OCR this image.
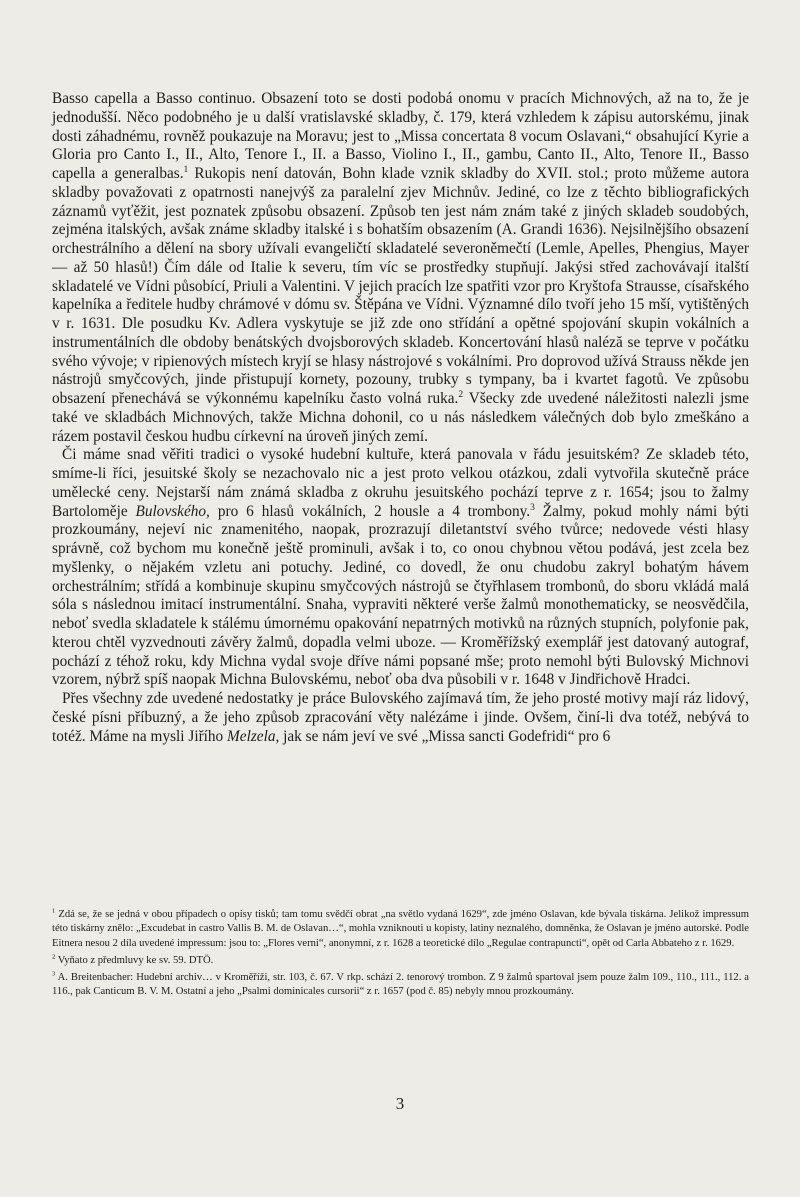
Basso capella a Basso continuo. Obsazení toto se dosti podobá onomu v pracích Michnových, až na to, že je jednodušší. Něco podobného je u další vratislavské skladby, č. 179, která vzhledem k zápisu autorskému, jinak dosti záhadnému, rovněž poukazuje na Moravu; jest to „Missa concertata 8 vocum Oslavani,“ obsahující Kyrie a Gloria pro Canto I., II., Alto, Tenore I., II. a Basso, Violino I., II., gambu, Canto II., Alto, Tenore II., Basso capella a generalbas.$^1$ Rukopis není datován, Bohn klade vznik skladby do XVII. stol.; proto můžeme autora skladby považovati z opatrnosti nanejvýš za paralelní zjev Michnův. Jediné, co lze z těchto bibliografických záznamů vyťěžit, jest poznatek způsobu obsazení. Způsob ten jest nám znám také z jiných skladeb soudobých, zejména italských, avšak známe skladby italské i s bohatším obsazením (A. Grandi 1636). Nejsilnějšího obsazení orchestrálního a dělení na sbory užívali evangeličtí skladatelé severoněmečtí (Lemle, Apelles, Phengius, Mayer — až 50 hlasů!) Čím dále od Italie k severu, tím víc se prostředky stupňují. Jakýsi střed zachovávají italští skladatelé ve Vídni působící, Priuli a Valentini. V jejich pracích lze spatřiti vzor pro Kryštofa Strausse, císařského kapelníka a ředitele hudby chrámové v dómu sv. Štěpána ve Vídni. Významné dílo tvoří jeho 15 mší, vytištěných v r. 1631. Dle posudku Kv. Adlera vyskytuje se již zde ono střídání a opětné spojování skupin vokálních a instrumentálních dle obdoby benátských dvojsborových skladeb. Koncertování hlasů naléză se teprve v počátku svého vývoje; v ripienových místech kryjí se hlasy nástrojové s vokálními. Pro doprovod užívá Strauss někde jen nástrojů smyčcových, jinde přistupují kornety, pozouny, trubky s tympany, ba i kvartet fagotů. Ve způsobu obsazení přenechává se výkonnému kapelníku často volná ruka.$^2$ Všecky zde uvedené náležitosti nalezli jsme také ve skladbách Michnových, takže Michna dohonil, co u nás následkem válečných dob bylo zmeškáno a rázem postavil českou hudbu církevní na úroveň jiných zemí.

Či máme snad věřiti tradici o vysoké hudební kultuře, která panovala v řádu jesuitském? Ze skladeb této, smíme-li říci, jesuitské školy se nezachovalo nic a jest proto velkou otázkou, zdali vytvořila skutečně práce umělecké ceny. Nejstarší nám známá skladba z okruhu jesuitského pochází teprve z r. 1654; jsou to žalmy Bartoloměje Bulovského, pro 6 hlasů vokálních, 2 housle a 4 trombony.$^3$ Žalmy, pokud mohly námi býti prozkoumány, nejeví nic znamenitého, naopak, prozrazují diletantství svého tvůrce; nedovede vésti hlasy správně, což bychom mu konečně ještě prominuli, avšak i to, co onou chybnou větou podává, jest zcela bez myšlenky, o nějakém vzletu ani potuchy. Jediné, co dovedl, že onu chudobu zakryl bohatým hávem orchestrálním; střídá a kombinuje skupinu smyčcových nástrojů se čtyřhlasem trombonů, do sboru vkládá malá sóla s následnou imitací instrumentální. Snaha, vypraviti některé verše žalmů monothematicky, se neosvědčila, neboť svedla skladatele k stálému úmornému opakování nepatrných motivků na různých stupních, polyfonie pak, kterou chtěl vyzvednouti závěry žalmů, dopadla velmi uboze. — Kroměřížský exemplář jest datovaný autograf, pochází z téhož roku, kdy Michna vydal svoje dříve námi popsané mše; proto nemohl býti Bulovský Michnovi vzorem, nýbrž spíš naopak Michna Bulovskému, neboť oba dva působili v r. 1648 v Jindřichově Hradci.

Přes všechny zde uvedené nedostatky je práce Bulovského zajímavá tím, že jeho prosté motivy mají ráz lidový, české písni příbuzný, a že jeho způsob zpracování věty nalézáme i jinde. Ovšem, činí-li dva totéž, nebývá to totéž. Máme na mysli Jiřího Melzela, jak se nám jeví ve své „Missa sancti Godefridi“ pro 6

$^1$ Zdá se, že se jedná v obou případech o opisy tisků; tam tomu svědčí obrat „na světlo vydaná 1629“, zde jméno Oslavan, kde bývala tiskárna. Jelikož impressum této tiskárny znělo: „Excudebat in castro Vallis B. M. de Oslavan…“, mohla vzniknouti u kopisty, latiny neznalého, domněnka, že Oslavan je jméno autorské. Podle Eitnera nesou 2 díla uvedené impressum: jsou to: „Flores verni“, anonymní, z r. 1628 a teoretické dílo „Regulae contrapuncti“, opět od Carla Abbateho z r. 1629.

$^2$ Vyňato z předmluvy ke sv. 59. DTÖ.

$^3$ A. Breitenbacher: Hudební archiv… v Kroměříži, str. 103, č. 67. V rkp. schází 2. tenorový trombon. Z 9 žalmů spartoval jsem pouze žalm 109., 110., 111., 112. a 116., pak Canticum B. V. M. Ostatní a jeho „Psalmi dominicales cursorii“ z r. 1657 (pod č. 85) nebyly mnou prozkoumány.

3
